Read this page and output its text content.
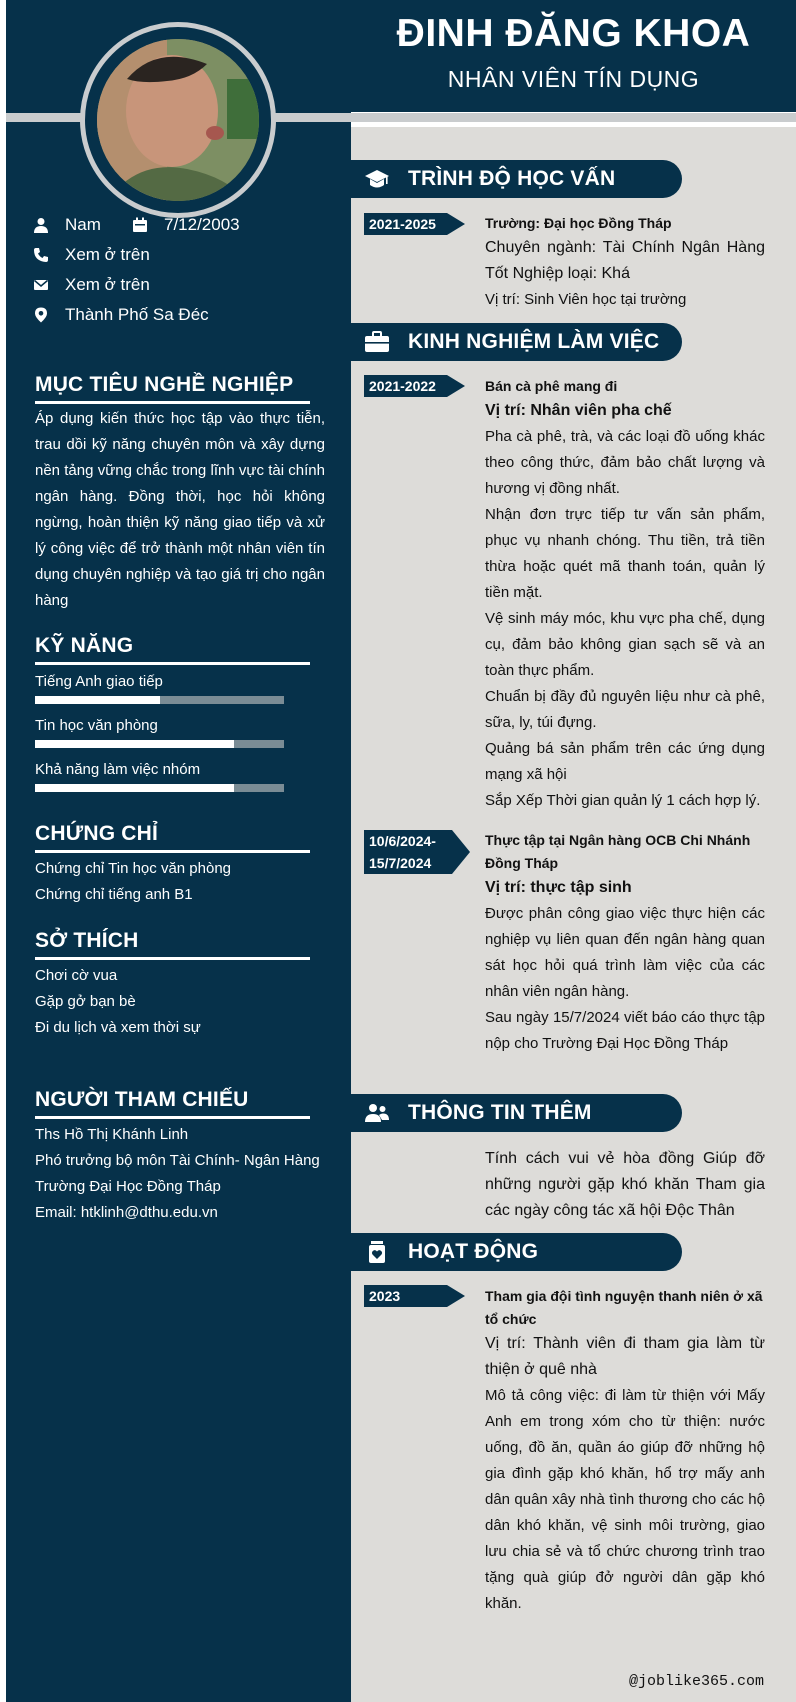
ĐINH ĐĂNG KHOA
NHÂN VIÊN TÍN DỤNG
Nam	7/12/2003
Xem ở trên
Xem ở trên
Thành Phố Sa Đéc
MỤC TIÊU NGHỀ NGHIỆP
Áp dụng kiến thức học tập vào thực tiễn, trau dồi kỹ năng chuyên môn và xây dựng nền tảng vững chắc trong lĩnh vực tài chính ngân hàng. Đồng thời, học hỏi không ngừng, hoàn thiện kỹ năng giao tiếp và xử lý công việc để trở thành một nhân viên tín dụng chuyên nghiệp và tạo giá trị cho ngân hàng
KỸ NĂNG
Tiếng Anh giao tiếp
Tin học văn phòng
Khả năng làm việc nhóm
CHỨNG CHỈ
Chứng chỉ Tin học văn phòng
Chứng chỉ tiếng anh B1
SỞ THÍCH
Chơi cờ vua
Gặp gở bạn bè
Đi du lịch và xem thời sự
NGƯỜI THAM CHIẾU
Ths Hồ Thị Khánh Linh
Phó trưởng bộ môn Tài Chính- Ngân Hàng
Trường Đại Học Đồng Tháp
Email: htklinh@dthu.edu.vn
TRÌNH ĐỘ HỌC VẤN
2021-2025	Trường: Đại học Đồng Tháp
Chuyên ngành: Tài Chính Ngân Hàng Tốt Nghiệp loại: Khá
Vị trí: Sinh Viên học tại trường
KINH NGHIỆM LÀM VIỆC
2021-2022	Bán cà phê mang đi
Vị trí: Nhân viên pha chế
Pha cà phê, trà, và các loại đồ uống khác theo công thức, đảm bảo chất lượng và hương vị đồng nhất.
Nhận đơn trực tiếp tư vấn sản phẩm, phục vụ nhanh chóng. Thu tiền, trả tiền thừa hoặc quét mã thanh toán, quản lý tiền mặt.
Vệ sinh máy móc, khu vực pha chế, dụng cụ, đảm bảo không gian sạch sẽ và an toàn thực phẩm.
Chuẩn bị đầy đủ nguyên liệu như cà phê, sữa, ly, túi đựng.
Quảng bá sản phẩm trên các ứng dụng mạng xã hội
Sắp Xếp Thời gian quản lý 1 cách hợp lý.
10/6/2024-
15/7/2024
Thực tập tại Ngân hàng OCB Chi Nhánh Đồng Tháp
Vị trí: thực tập sinh
Được phân công giao việc thực hiện các nghiệp vụ liên quan đến ngân hàng quan sát học hỏi quá trình làm việc của các nhân viên ngân hàng.
Sau ngày 15/7/2024 viết báo cáo thực tập nộp cho Trường Đại Học Đồng Tháp
THÔNG TIN THÊM
Tính cách vui vẻ hòa đồng Giúp đỡ những người gặp khó khăn Tham gia các ngày công tác xã hội Độc Thân
HOẠT ĐỘNG
2023	Tham gia đội tình nguyện thanh niên ở xã tổ chức
Vị trí: Thành viên đi tham gia làm từ thiện ở quê nhà
Mô tả công việc: đi làm từ thiện với Mấy Anh em trong xóm cho từ thiện: nước uống, đồ ăn, quần áo giúp đỡ những hộ gia đình gặp khó khăn, hổ trợ mấy anh dân quân xây nhà tình thương cho các hộ dân khó khăn, vệ sinh môi trường, giao lưu chia sẻ và tổ chức chương trình trao tặng quà giúp đở người dân gặp khó khăn.
@joblike365.com
